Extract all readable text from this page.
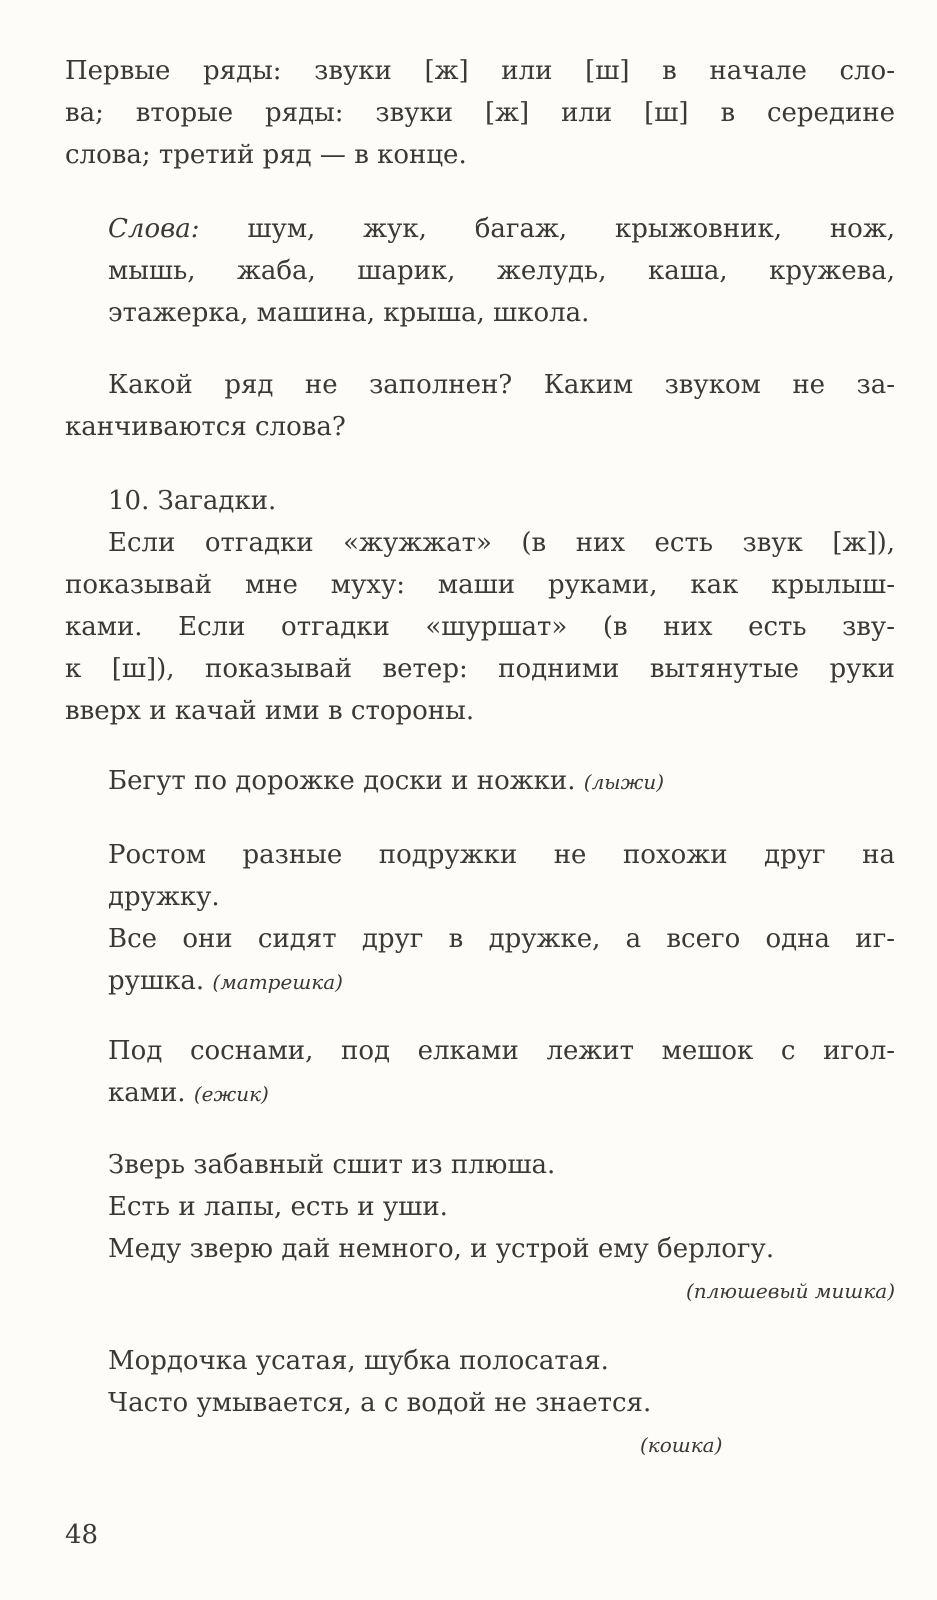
Первые ряды: звуки [ж] или [ш] в начале сло-
ва; вторые ряды: звуки [ж] или [ш] в середине
слова; третий ряд — в конце.
Слова: шум, жук, багаж, крыжовник, нож,
мышь, жаба, шарик, желудь, каша, кружева,
этажерка, машина, крыша, школа.
Какой ряд не заполнен? Каким звуком не за-
канчиваются слова?
10. Загадки.
Если отгадки «жужжат» (в них есть звук [ж]),
показывай мне муху: маши руками, как крылыш-
ками. Если отгадки «шуршат» (в них есть зву-
к [ш]), показывай ветер: подними вытянутые руки
вверх и качай ими в стороны.
Бегут по дорожке доски и ножки. (лыжи)
Ростом разные подружки не похожи друг на
дружку.
Все они сидят друг в дружке, а всего одна иг-
рушка. (матрешка)
Под соснами, под елками лежит мешок с игол-
ками. (ежик)
Зверь забавный сшит из плюша.
Есть и лапы, есть и уши.
Меду зверю дай немного, и устрой ему берлогу.
(плюшевый мишка)
Мордочка усатая, шубка полосатая.
Часто умывается, а с водой не знается.
(кошка)
48
